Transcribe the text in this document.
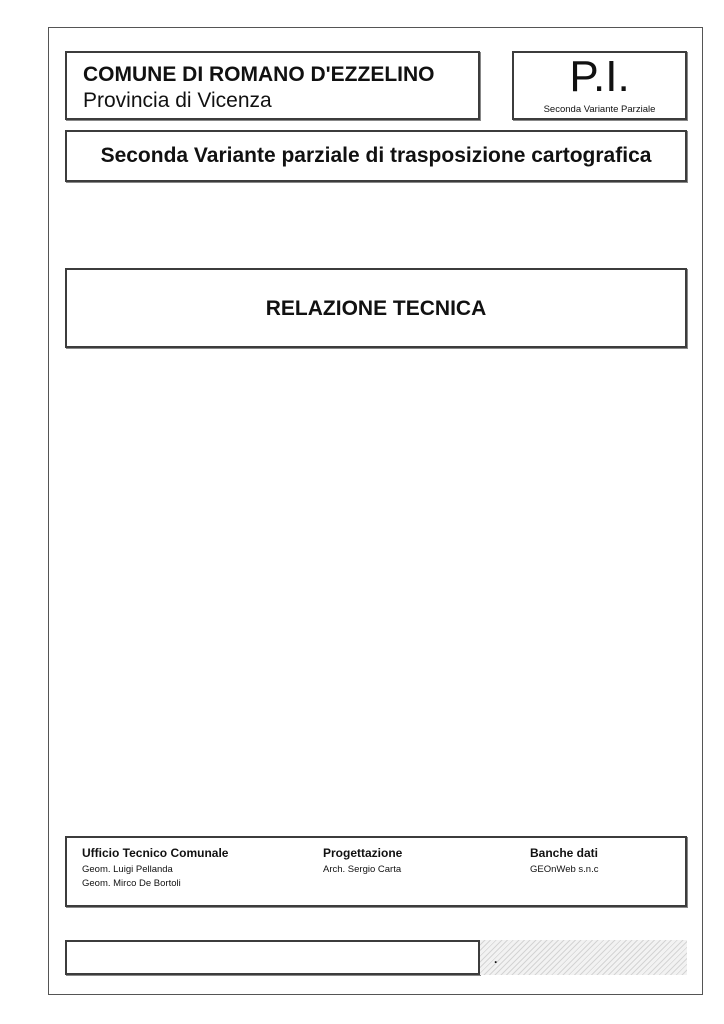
COMUNE DI ROMANO D'EZZELINO
Provincia di Vicenza	P.I.
Seconda Variante Parziale
Seconda Variante parziale di trasposizione cartografica
RELAZIONE TECNICA
Ufficio Tecnico Comunale
Geom. Luigi Pellanda
Geom. Mirco De Bortoli
Progettazione
Arch. Sergio Carta
Banche dati
GEOnWeb s.n.c
.
